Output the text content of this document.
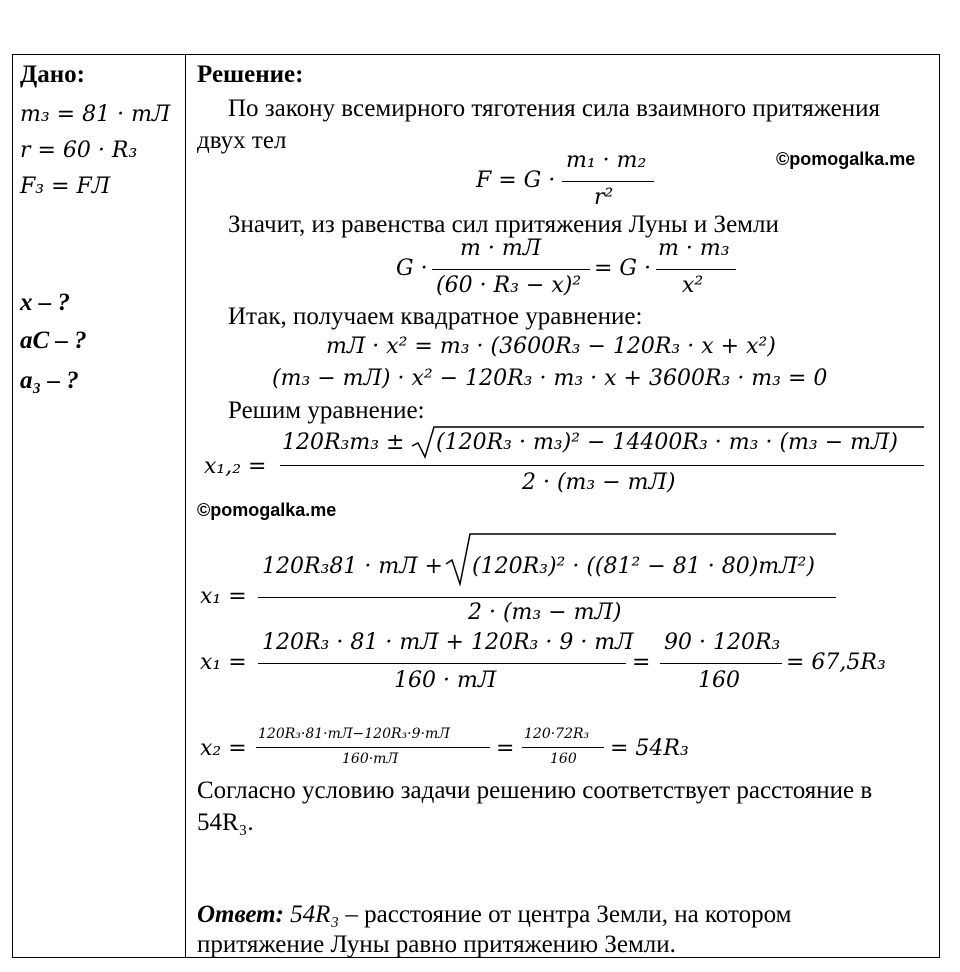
Дано:
m₃ = 81 · mЛ
r = 60 · R₃
F₃ = FЛ
x – ?
aС – ?
a₃ – ?
Решение:
По закону всемирного тяготения сила взаимного притяжения
двух тел
F = G ·
m₁ · m₂
r²
©pomogalka.me
Значит, из равенства сил притяжения Луны и Земли
G ·
m · mЛ
(60 · R₃ − x)²
= G ·
m · m₃
x²
Итак, получаем квадратное уравнение:
mЛ · x² = m₃ · (3600R₃ − 120R₃ · x + x²)
(m₃ − mЛ) · x² − 120R₃ · m₃ · x + 3600R₃ · m₃ = 0
Решим уравнение:
x₁,₂ =
120R₃m₃ ± (120R₃ · m₃)² − 14400R₃ · m₃ · (m₃ − mЛ)
2 · (m₃ − mЛ)
©pomogalka.me
x₁ =
120R₃81 · mЛ + (120R₃)² · ((81² − 81 · 80)mЛ²)
2 · (m₃ − mЛ)
x₁ =
120R₃ · 81 · mЛ + 120R₃ · 9 · mЛ
160 · mЛ
=
90 · 120R₃
160
= 67,5R₃
x₂ =
120R₃·81·mЛ−120R₃·9·mЛ
160·mЛ	=
120·72R₃
160 = 54R₃
Согласно условию задачи решению соответствует расстояние в
54R₃.
Ответ: 54R₃ – расстояние от центра Земли, на котором
притяжение Луны равно притяжению Земли.
